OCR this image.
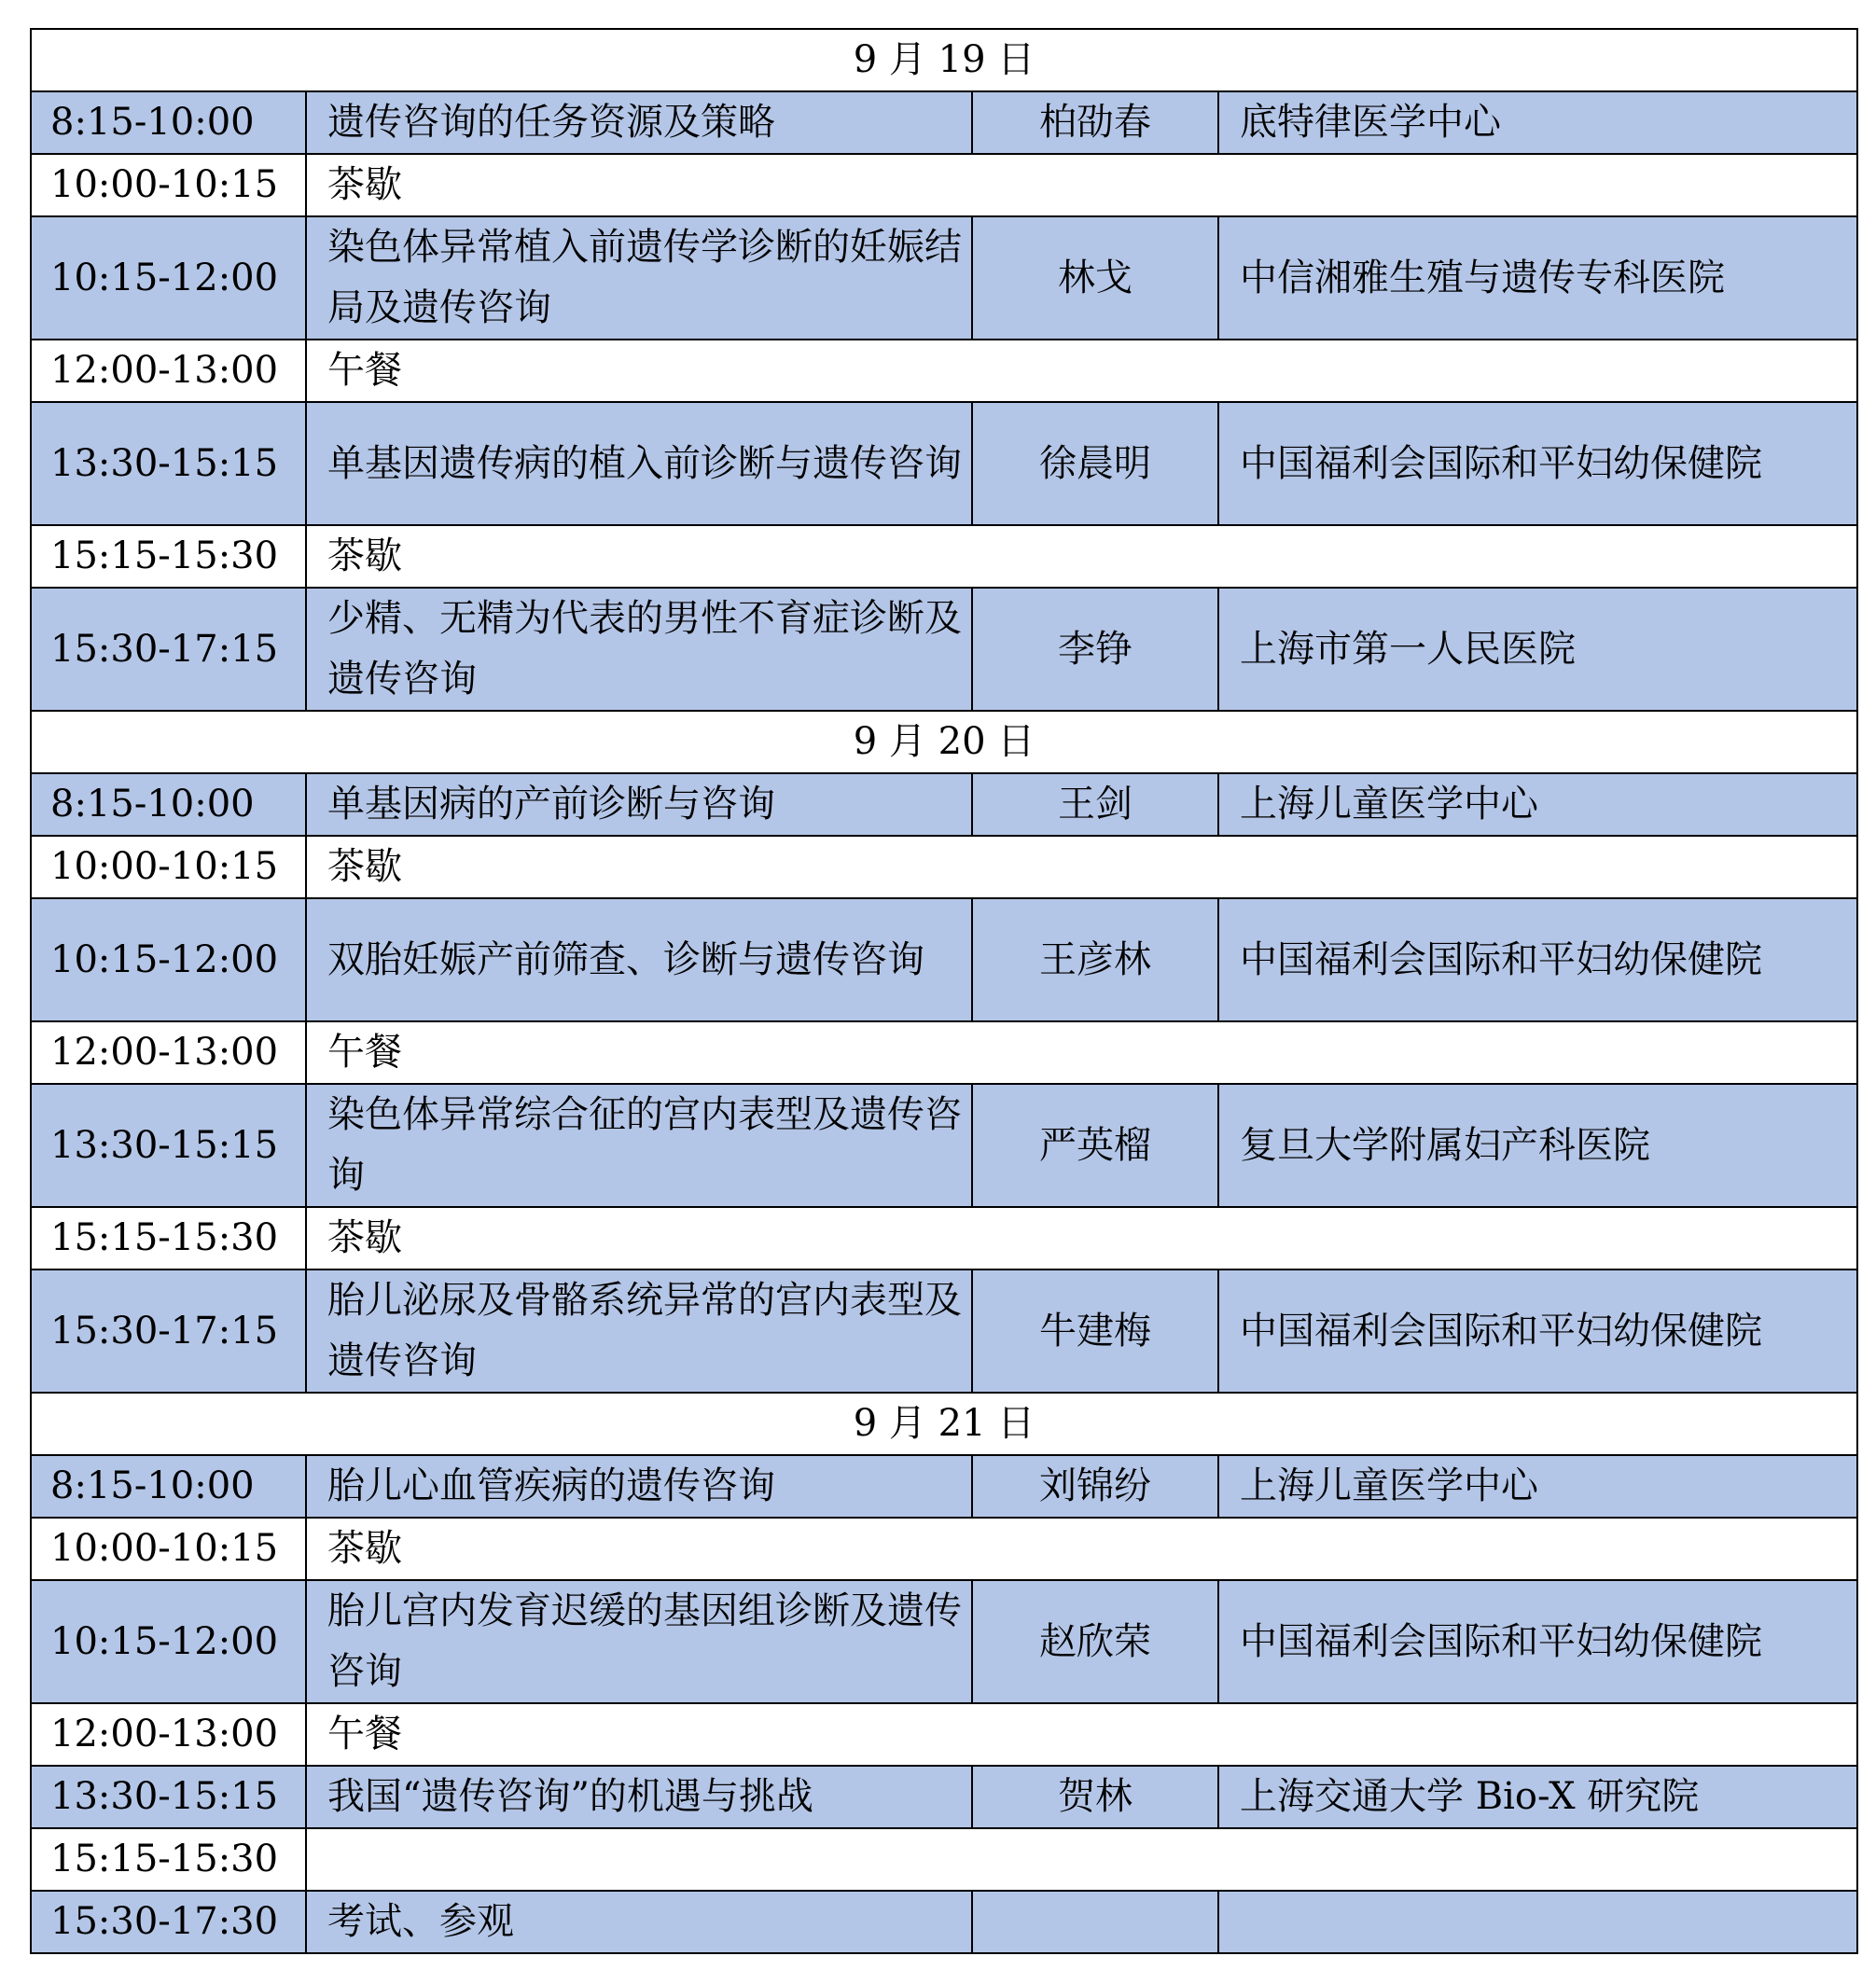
9 月 19 日			
8:15-10:00	遗传咨询的任务资源及策略	柏劭春	底特律医学中心
10:00-10:15	茶歇		
10:15-12:00	染色体异常植入前遗传学诊断的妊娠结局及遗传咨询	林戈	中信湘雅生殖与遗传专科医院
12:00-13:00	午餐		
13:30-15:15	单基因遗传病的植入前诊断与遗传咨询	徐晨明	中国福利会国际和平妇幼保健院
15:15-15:30	茶歇		
15:30-17:15	少精、无精为代表的男性不育症诊断及遗传咨询	李铮	上海市第一人民医院
9 月 20 日			
8:15-10:00	单基因病的产前诊断与咨询	王剑	上海儿童医学中心
10:00-10:15	茶歇		
10:15-12:00	双胎妊娠产前筛查、诊断与遗传咨询	王彦林	中国福利会国际和平妇幼保健院
12:00-13:00	午餐		
13:30-15:15	染色体异常综合征的宫内表型及遗传咨询	严英榴	复旦大学附属妇产科医院
15:15-15:30	茶歇		
15:30-17:15	胎儿泌尿及骨骼系统异常的宫内表型及遗传咨询	牛建梅	中国福利会国际和平妇幼保健院
9 月 21 日			
8:15-10:00	胎儿心血管疾病的遗传咨询	刘锦纷	上海儿童医学中心
10:00-10:15	茶歇		
10:15-12:00	胎儿宫内发育迟缓的基因组诊断及遗传咨询	赵欣荣	中国福利会国际和平妇幼保健院
12:00-13:00	午餐		
13:30-15:15	我国“遗传咨询”的机遇与挑战	贺林	上海交通大学 Bio-X 研究院
15:15-15:30			
15:30-17:30	考试、参观		
